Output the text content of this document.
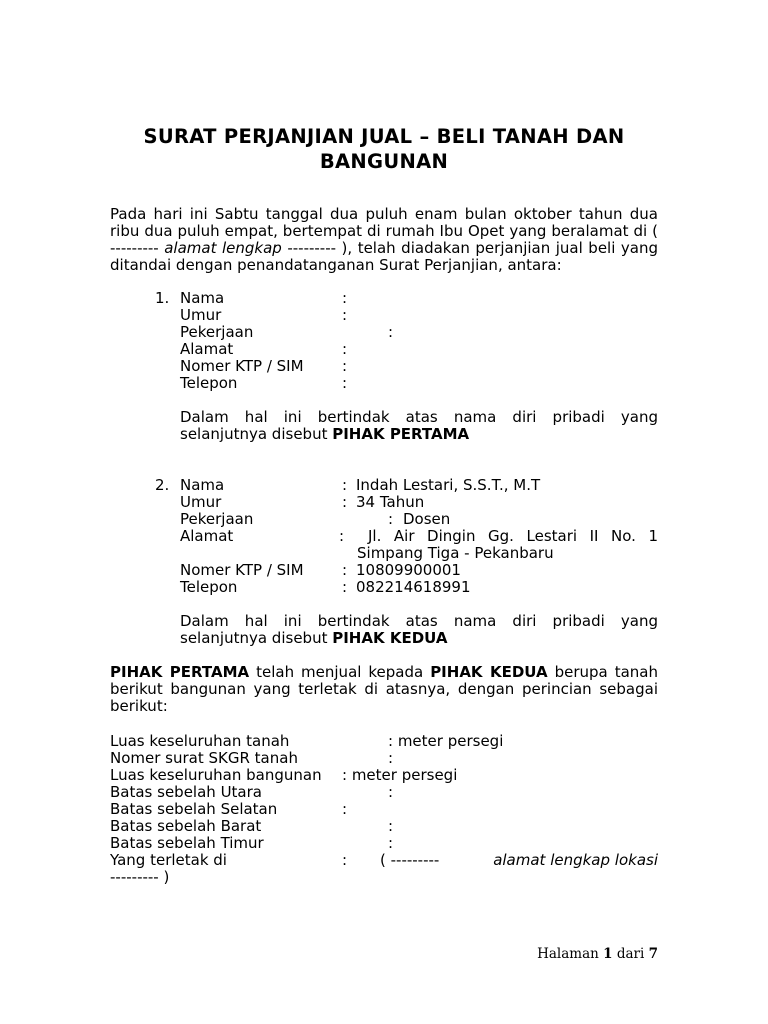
SURAT PERJANJIAN JUAL – BELI TANAH DAN
BANGUNAN

Pada hari ini Sabtu tanggal dua puluh enam bulan oktober tahun dua ribu dua puluh empat, bertempat di rumah Ibu Opet yang beralamat di ( --------- alamat lengkap --------- ), telah diadakan perjanjian jual beli yang ditandai dengan penandatanganan Surat Perjanjian, antara:

1. Nama	:
Umur	:
Pekerjaan	:
Alamat	:
Nomer KTP / SIM	:
Telepon	:

Dalam hal ini bertindak atas nama diri pribadi yang
selanjutnya disebut PIHAK PERTAMA

2. Nama	: Indah Lestari, S.S.T., M.T
Umur	: 34 Tahun
Pekerjaan	: Dosen
Alamat	: Jl. Air Dingin Gg. Lestari II No. 1
Simpang Tiga - Pekanbaru
Nomer KTP / SIM	: 10809900001
Telepon	: 082214618991

Dalam hal ini bertindak atas nama diri pribadi yang
selanjutnya disebut PIHAK KEDUA

PIHAK PERTAMA telah menjual kepada PIHAK KEDUA berupa tanah berikut bangunan yang terletak di atasnya, dengan perincian sebagai berikut:

Luas keseluruhan tanah	: meter persegi
Nomer surat SKGR tanah	:
Luas keseluruhan bangunan : meter persegi
Batas sebelah Utara	:
Batas sebelah Selatan	:
Batas sebelah Barat	:
Batas sebelah Timur	:
Yang terletak di	: ( ---------	alamat lengkap lokasi
--------- )
Halaman 1 dari 7
